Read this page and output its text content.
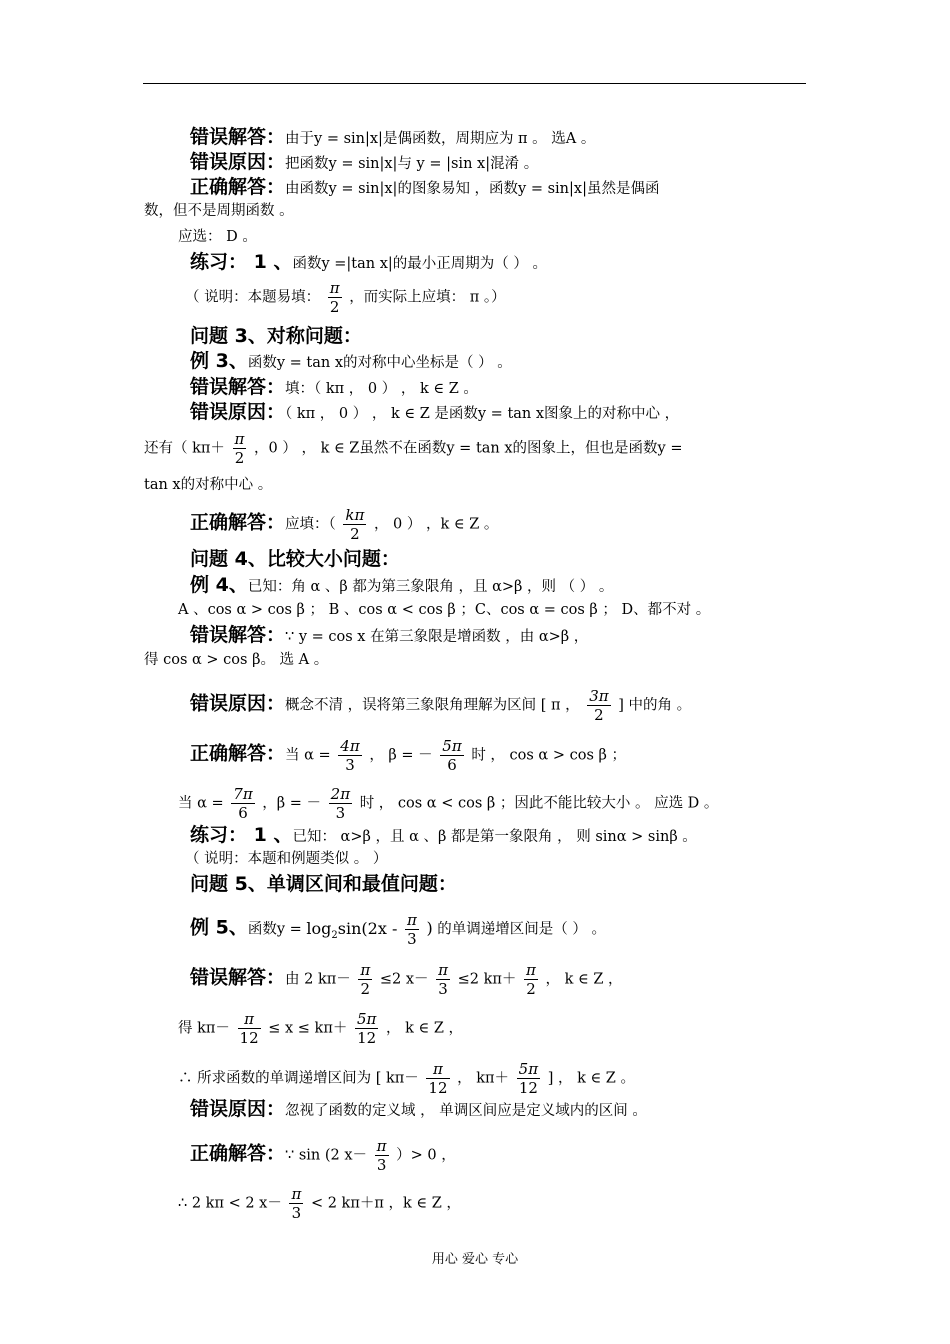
错误解答：由于y = sin|x|是偶函数，周期应为 π 。 选A 。
错误原因：把函数y = sin|x|与 y = |sin x|混淆 。
正确解答：由函数y = sin|x|的图象易知 ，函数y = sin|x|虽然是偶函
数，但不是周期函数 。
应选： D 。
练习： 1 、函数y =|tan x|的最小正周期为（ ） 。
（ 说明：本题易填： $\frac{\pi}{2}$ ，而实际上应填： π 。）
问题 3、对称问题：
例 3、函数y = tan x的对称中心坐标是（ ） 。
错误解答：填：（ kπ ， 0 ） ， k ∈ Z 。
错误原因：（ kπ ， 0 ） ， k ∈ Z 是函数y = tan x图象上的对称中心 ，
还有（ $k\pi+ \frac{\pi}{2}$ ，0 ） ， k ∈ Z虽然不在函数y = tan x的图象上，但也是函数y =
tan x的对称中心 。
正确解答：应填：（ $\frac{k\pi}{2}$ ， 0 ） ，k ∈ Z 。
问题 4、比较大小问题：
例 4、已知：角 α 、β 都为第三象限角 ，且 α>β ，则 （ ） 。
A 、cos α > cos β ； B 、cos α < cos β ；C、cos α = cos β ； D、都不对 。
错误解答：∵ y = cos x 在第三象限是增函数 ，由 α>β ，
得 cos α > cos β。 选 A 。
错误原因：概念不清 ，误将第三象限角理解为区间 [ π ， $\frac{3\pi}{2}$ ] 中的角 。
正确解答：当 $\alpha = \frac{4\pi}{3}$ ， β = － $\frac{5\pi}{6}$ 时 ， cos α > cos β ；
当 $\alpha = \frac{7\pi}{6}$ ，β = － $\frac{2\pi}{3}$ 时 ， cos α < cos β ；因此不能比较大小 。 应选 D 。
练习： 1 、已知： α>β ，且 α 、β 都是第一象限角 ， 则 sinα > sinβ 。
（ 说明：本题和例题类似 。 ）
问题 5、单调区间和最值问题：
例 5、函数$y = \log_2\sin(2x - \frac{\pi}{3}$ ) 的单调递增区间是（ ） 。
错误解答：由 2 $k\pi- \frac{\pi}{2} \le 2$ $x- \frac{\pi}{3} \le 2$ $k\pi+ \frac{\pi}{2}$ ， k ∈ Z ，
得 $k\pi- \frac{\pi}{12} \le x \le k\pi+ \frac{5\pi}{12}$ ， k ∈ Z ，
∴ 所求函数的单调递增区间为 [ $k\pi- \frac{\pi}{12}$ ， $k\pi+ \frac{5\pi}{12}$ ] ， k ∈ Z 。
错误原因：忽视了函数的定义域 ， 单调区间应是定义域内的区间 。
正确解答：∵ sin (2 $x- \frac{\pi}{3}$ ）> 0 ，
∴ 2 kπ < 2 $x- \frac{\pi}{3} < 2$ kπ＋π ，k ∈ Z ，
用心 爱心 专心
